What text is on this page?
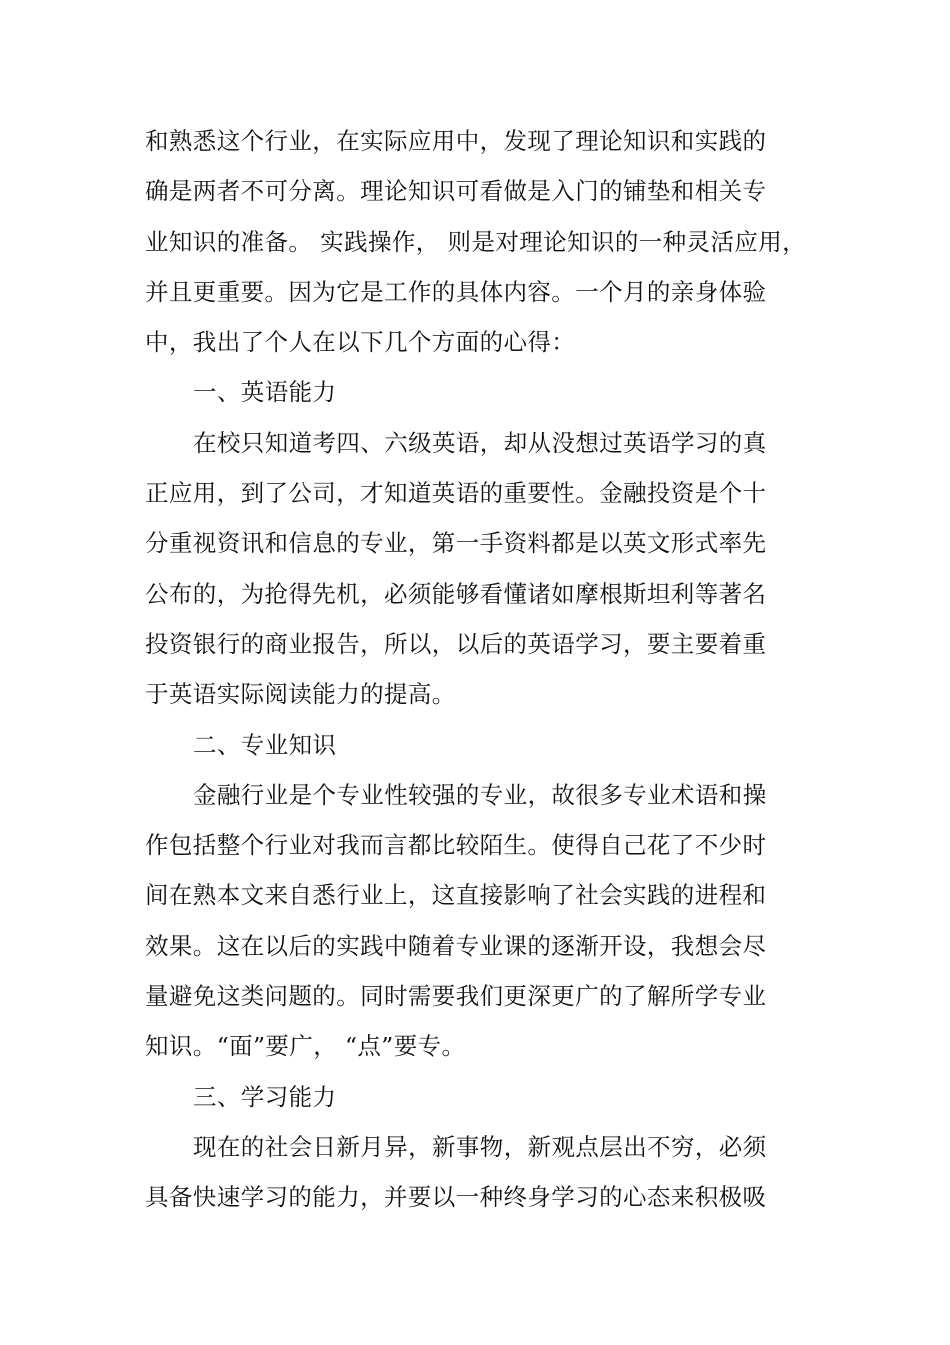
和熟悉这个行业，在实际应用中，发现了理论知识和实践的
确是两者不可分离。理论知识可看做是入门的铺垫和相关专
业知识的准备。 实践操作， 则是对理论知识的一种灵活应用，
并且更重要。因为它是工作的具体内容。一个月的亲身体验
中，我出了个人在以下几个方面的心得：
一、英语能力
在校只知道考四、六级英语，却从没想过英语学习的真
正应用，到了公司，才知道英语的重要性。金融投资是个十
分重视资讯和信息的专业，第一手资料都是以英文形式率先
公布的，为抢得先机，必须能够看懂诸如摩根斯坦利等著名
投资银行的商业报告，所以，以后的英语学习，要主要着重
于英语实际阅读能力的提高。
二、专业知识
金融行业是个专业性较强的专业，故很多专业术语和操
作包括整个行业对我而言都比较陌生。使得自己花了不少时
间在熟本文来自悉行业上，这直接影响了社会实践的进程和
效果。这在以后的实践中随着专业课的逐渐开设，我想会尽
量避免这类问题的。同时需要我们更深更广的了解所学专业
知识。“面”要广， “点”要专。
三、学习能力
现在的社会日新月异，新事物，新观点层出不穷，必须
具备快速学习的能力，并要以一种终身学习的心态来积极吸
